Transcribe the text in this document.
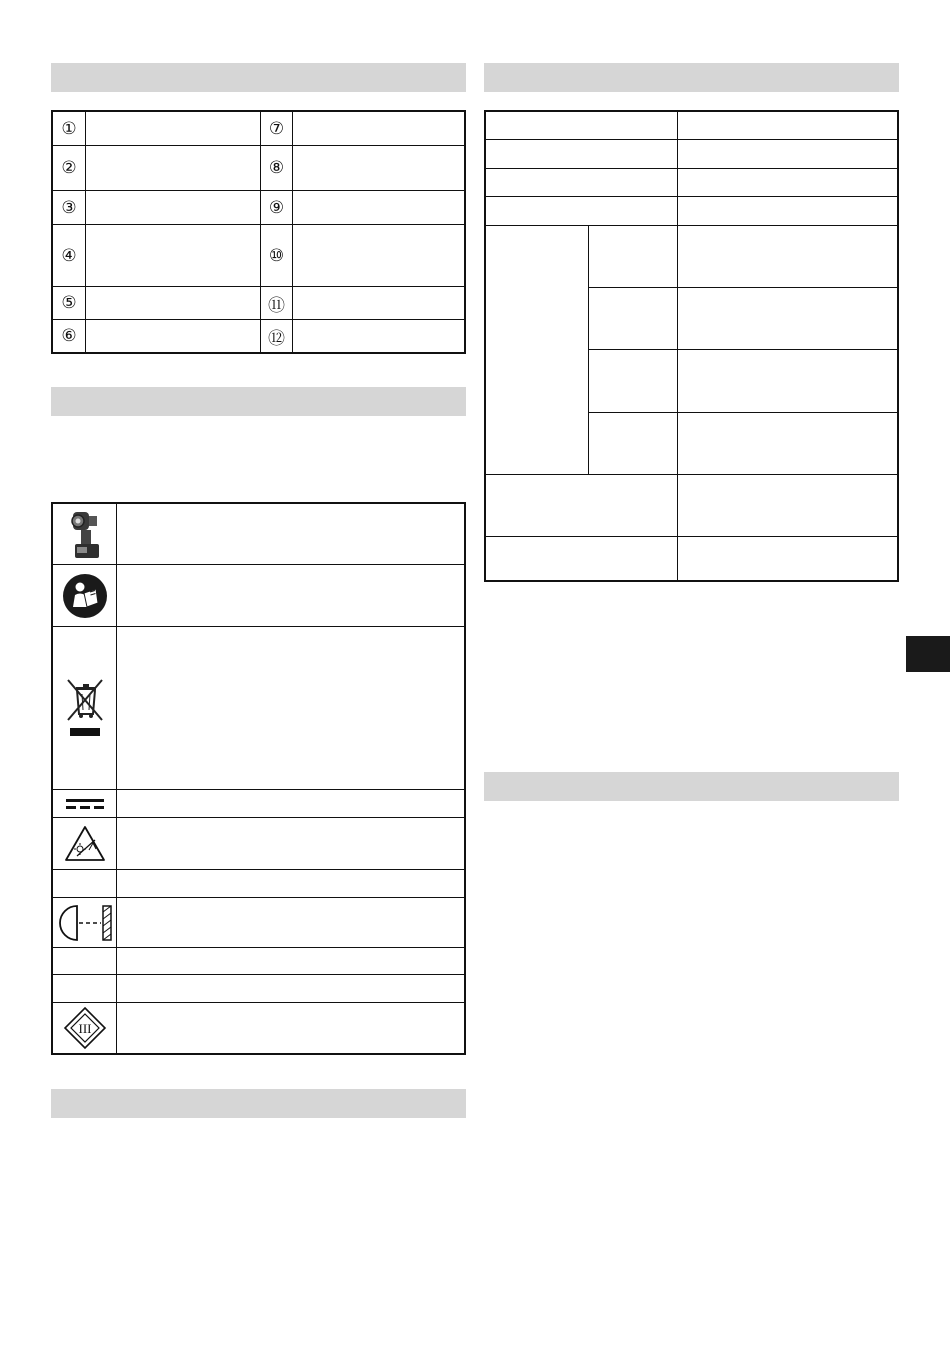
①	⑦
②	⑧
③	⑨
④	⑩
⑤	⑪
⑥	⑫
III
